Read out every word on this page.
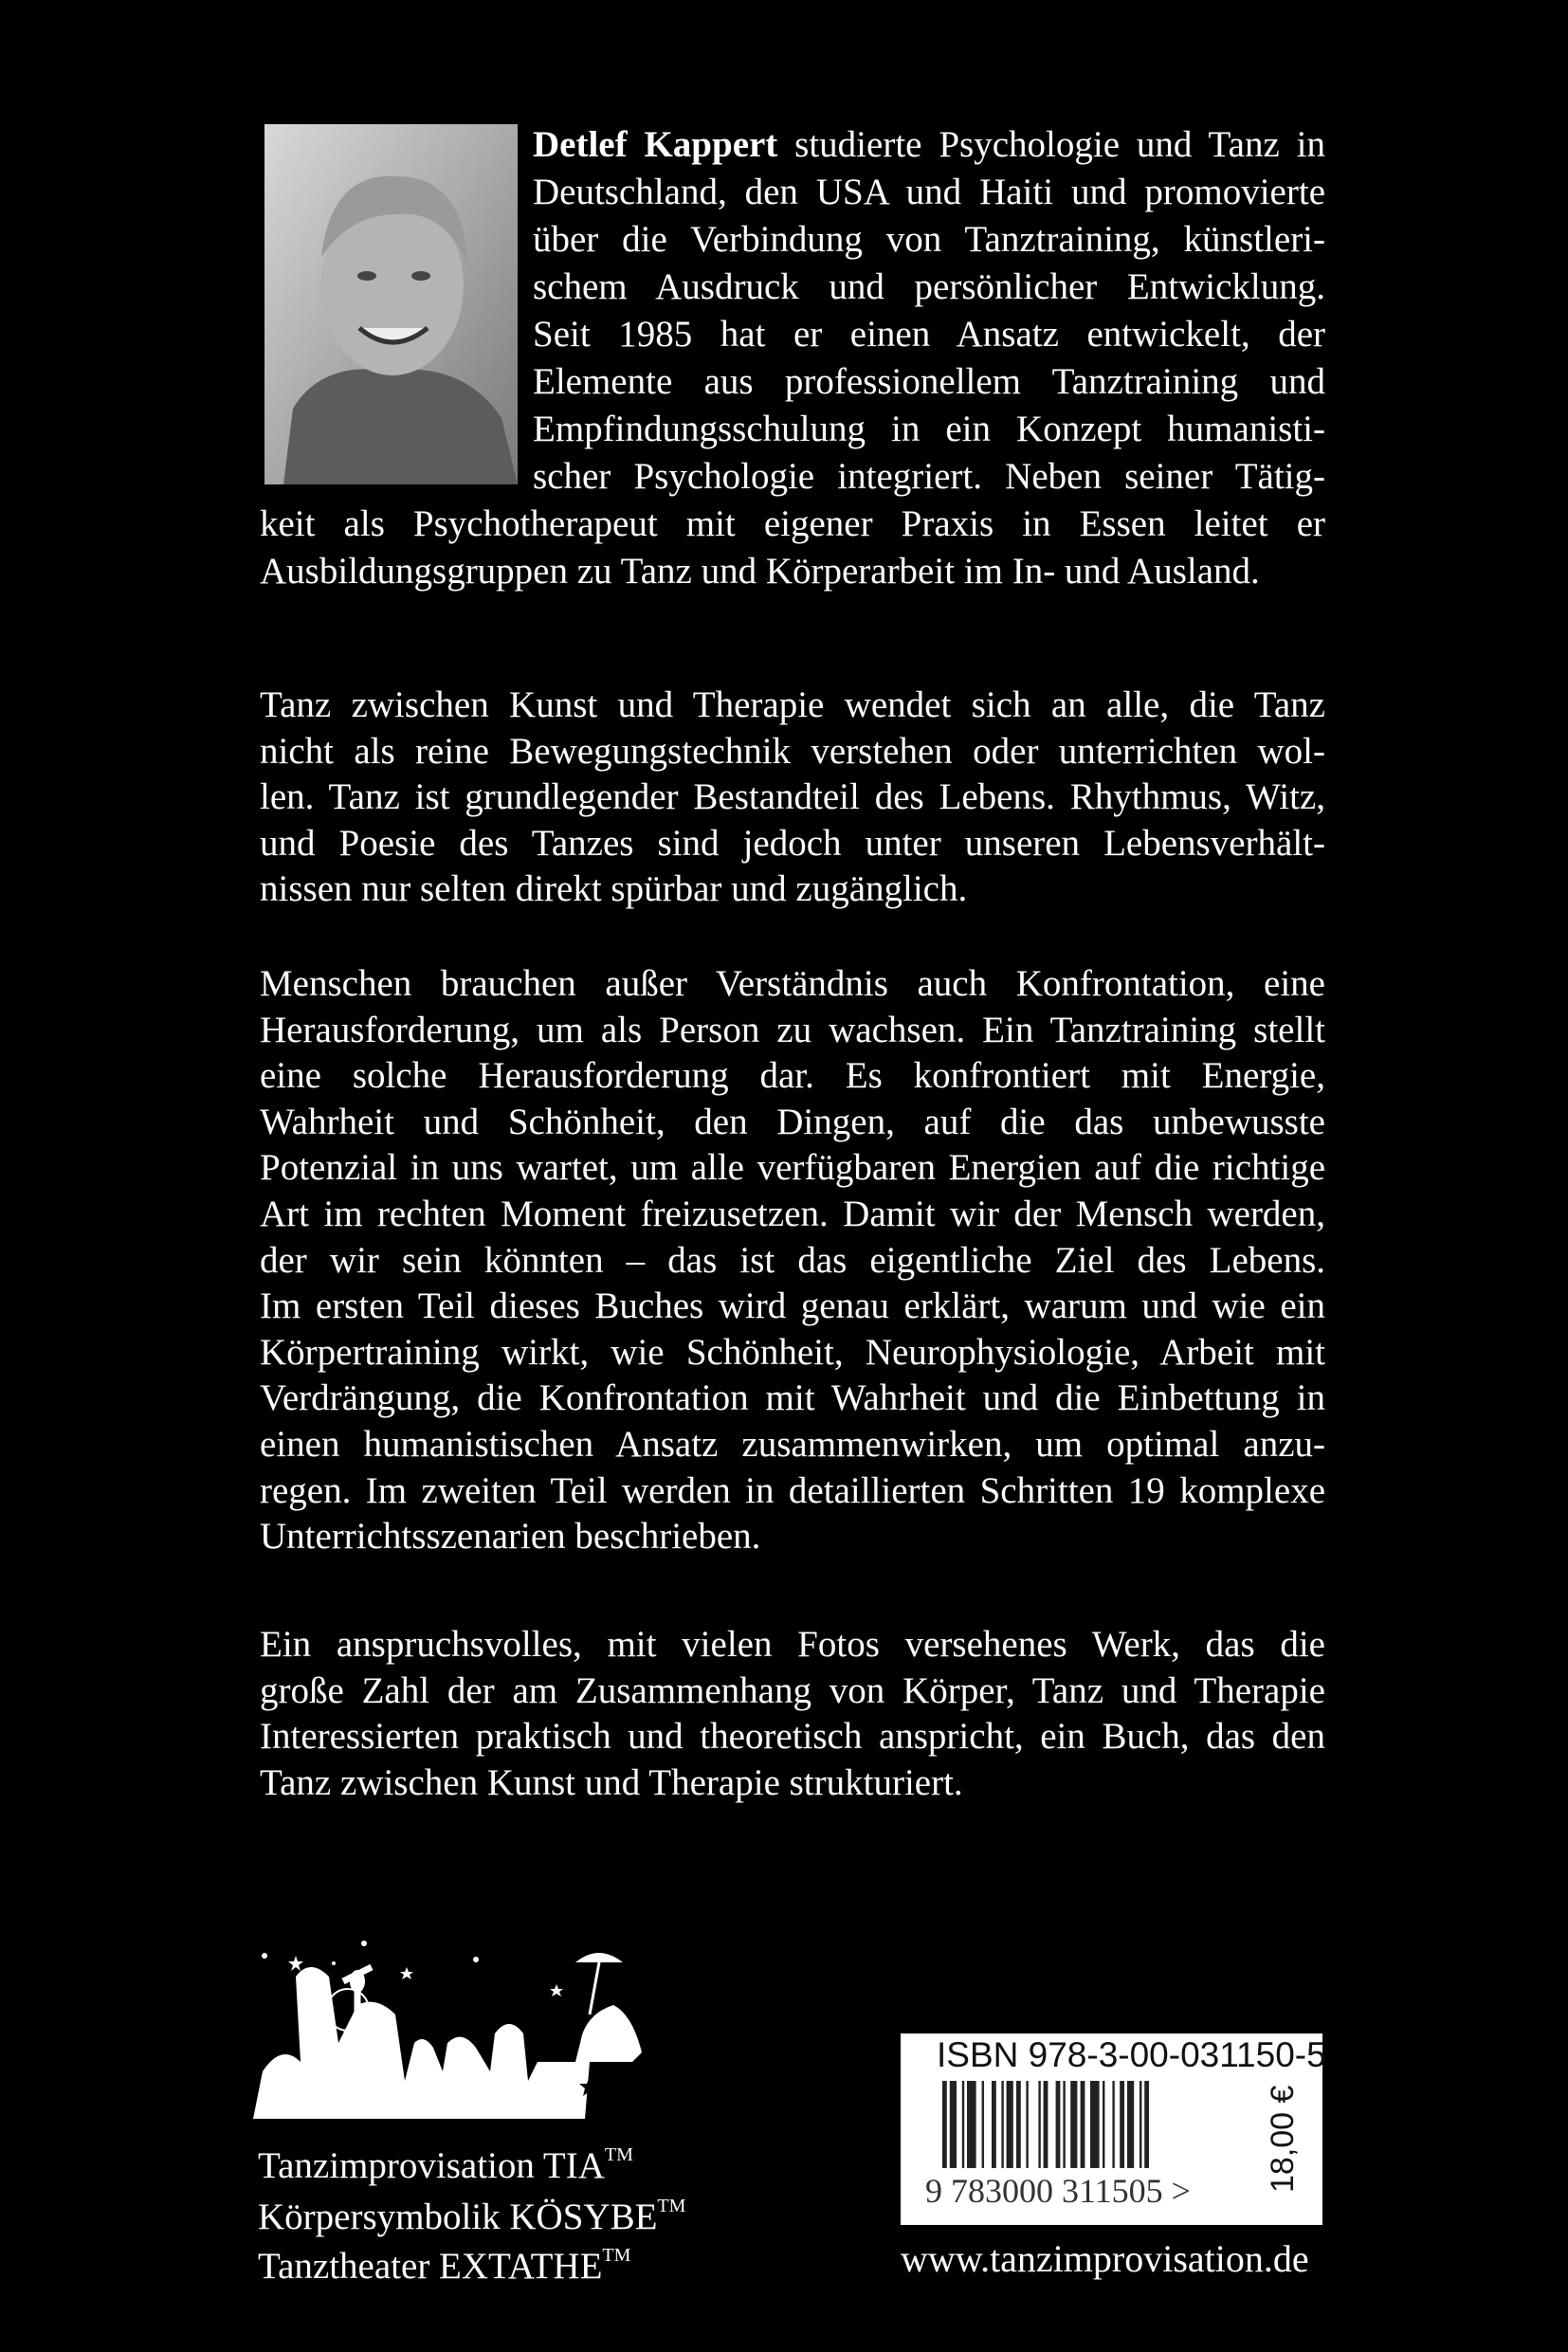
Detlef Kappert studierte Psychologie und Tanz in
Deutschland, den USA und Haiti und promovierte
über die Verbindung von Tanztraining, künstleri-
schem Ausdruck und persönlicher Entwicklung.
Seit 1985 hat er einen Ansatz entwickelt, der
Elemente aus professionellem Tanztraining und
Empfindungsschulung in ein Konzept humanisti-
scher Psychologie integriert. Neben seiner Tätig-
keit als Psychotherapeut mit eigener Praxis in Essen leitet er
Ausbildungsgruppen zu Tanz und Körperarbeit im In- und Ausland.
Tanz zwischen Kunst und Therapie wendet sich an alle, die Tanz
nicht als reine Bewegungstechnik verstehen oder unterrichten wol-
len. Tanz ist grundlegender Bestandteil des Lebens. Rhythmus, Witz,
und Poesie des Tanzes sind jedoch unter unseren Lebensverhält-
nissen nur selten direkt spürbar und zugänglich.
Menschen brauchen außer Verständnis auch Konfrontation, eine
Herausforderung, um als Person zu wachsen. Ein Tanztraining stellt
eine solche Herausforderung dar. Es konfrontiert mit Energie,
Wahrheit und Schönheit, den Dingen, auf die das unbewusste
Potenzial in uns wartet, um alle verfügbaren Energien auf die richtige
Art im rechten Moment freizusetzen. Damit wir der Mensch werden,
der wir sein könnten – das ist das eigentliche Ziel des Lebens.
Im ersten Teil dieses Buches wird genau erklärt, warum und wie ein
Körpertraining wirkt, wie Schönheit, Neurophysiologie, Arbeit mit
Verdrängung, die Konfrontation mit Wahrheit und die Einbettung in
einen humanistischen Ansatz zusammenwirken, um optimal anzu-
regen. Im zweiten Teil werden in detaillierten Schritten 19 komplexe
Unterrichtsszenarien beschrieben.
Ein anspruchsvolles, mit vielen Fotos versehenes Werk, das die
große Zahl der am Zusammenhang von Körper, Tanz und Therapie
Interessierten praktisch und theoretisch anspricht, ein Buch, das den
Tanz zwischen Kunst und Therapie strukturiert.
Tanzimprovisation TIA™
Körpersymbolik KÖSYBE™
Tanztheater EXTATHE™
ISBN 978-3-00-031150-5
9 783000 311505 > 18,00 €
www.tanzimprovisation.de
